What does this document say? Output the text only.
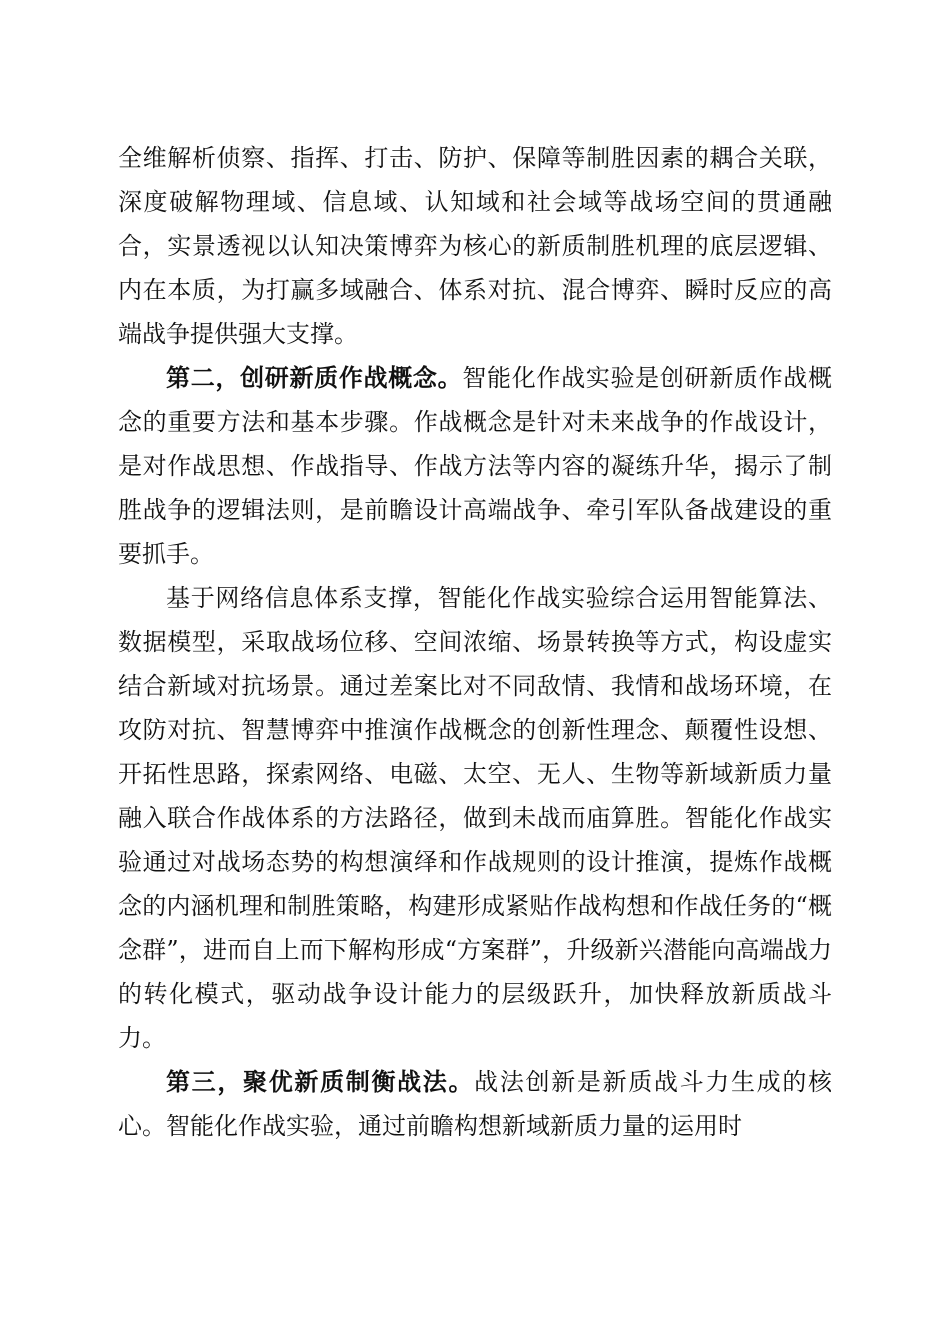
全维解析侦察、指挥、打击、防护、保障等制胜因素的耦合关联，深度破解物理域、信息域、认知域和社会域等战场空间的贯通融合，实景透视以认知决策博弈为核心的新质制胜机理的底层逻辑、内在本质，为打赢多域融合、体系对抗、混合博弈、瞬时反应的高端战争提供强大支撑。

第二，创研新质作战概念。智能化作战实验是创研新质作战概念的重要方法和基本步骤。作战概念是针对未来战争的作战设计，是对作战思想、作战指导、作战方法等内容的凝练升华，揭示了制胜战争的逻辑法则，是前瞻设计高端战争、牵引军队备战建设的重要抓手。

基于网络信息体系支撑，智能化作战实验综合运用智能算法、数据模型，采取战场位移、空间浓缩、场景转换等方式，构设虚实结合新域对抗场景。通过差案比对不同敌情、我情和战场环境，在攻防对抗、智慧博弈中推演作战概念的创新性理念、颠覆性设想、开拓性思路，探索网络、电磁、太空、无人、生物等新域新质力量融入联合作战体系的方法路径，做到未战而庙算胜。智能化作战实验通过对战场态势的构想演绎和作战规则的设计推演，提炼作战概念的内涵机理和制胜策略，构建形成紧贴作战构想和作战任务的“概念群”，进而自上而下解构形成“方案群”，升级新兴潜能向高端战力的转化模式，驱动战争设计能力的层级跃升，加快释放新质战斗力。

第三，聚优新质制衡战法。战法创新是新质战斗力生成的核心。智能化作战实验，通过前瞻构想新域新质力量的运用时
